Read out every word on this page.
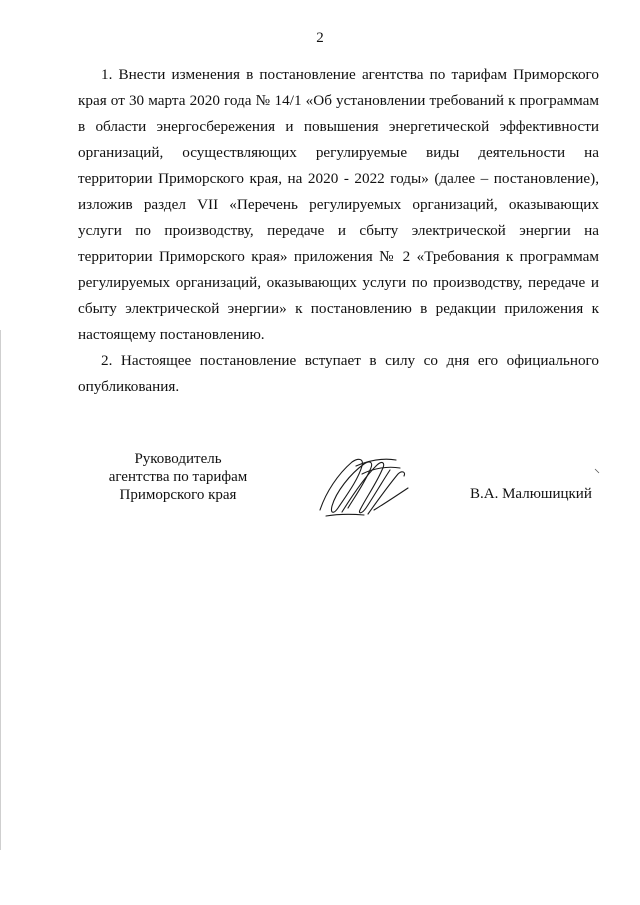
2

1. Внести изменения в постановление агентства по тарифам Приморского края от 30 марта 2020 года № 14/1 «Об установлении требований к программам в области энергосбережения и повышения энергетической эффективности организаций, осуществляющих регулируемые виды деятельности на территории Приморского края, на 2020 - 2022 годы» (далее – постановление), изложив раздел VII «Перечень регулируемых организаций, оказывающих услуги по производству, передаче и сбыту электрической энергии на территории Приморского края» приложения № 2 «Требования к программам регулируемых организаций, оказывающих услуги по производству, передаче и сбыту электрической энергии» к постановлению в редакции приложения к настоящему постановлению.

2. Настоящее постановление вступает в силу со дня его официального опубликования.

Руководитель
агентства по тарифам
Приморского края	В.А. Малюшицкий
